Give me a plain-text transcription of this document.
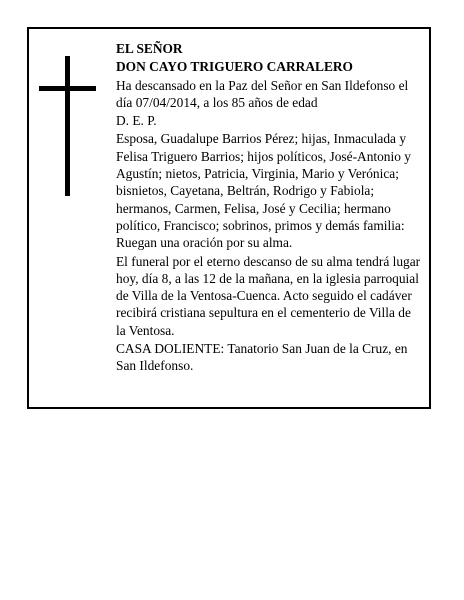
EL SEÑOR

DON CAYO TRIGUERO CARRALERO

Ha descansado en la Paz del Señor en San Ildefonso el día 07/04/2014, a los 85 años de edad

D. E. P.

Esposa, Guadalupe Barrios Pérez; hijas, Inmaculada y Felisa Triguero Barrios; hijos políticos, José-Antonio y Agustín; nietos, Patricia, Virginia, Mario y Verónica; bisnietos, Cayetana, Beltrán, Rodrigo y Fabiola; hermanos, Carmen, Felisa, José y Cecilia; hermano político, Francisco; sobrinos, primos y demás familia: Ruegan una oración por su alma.

El funeral por el eterno descanso de su alma tendrá lugar hoy, día 8, a las 12 de la mañana, en la iglesia parroquial de Villa de la Ventosa-Cuenca. Acto seguido el cadáver recibirá cristiana sepultura en el cementerio de Villa de la Ventosa.

CASA DOLIENTE: Tanatorio San Juan de la Cruz, en San Ildefonso.
